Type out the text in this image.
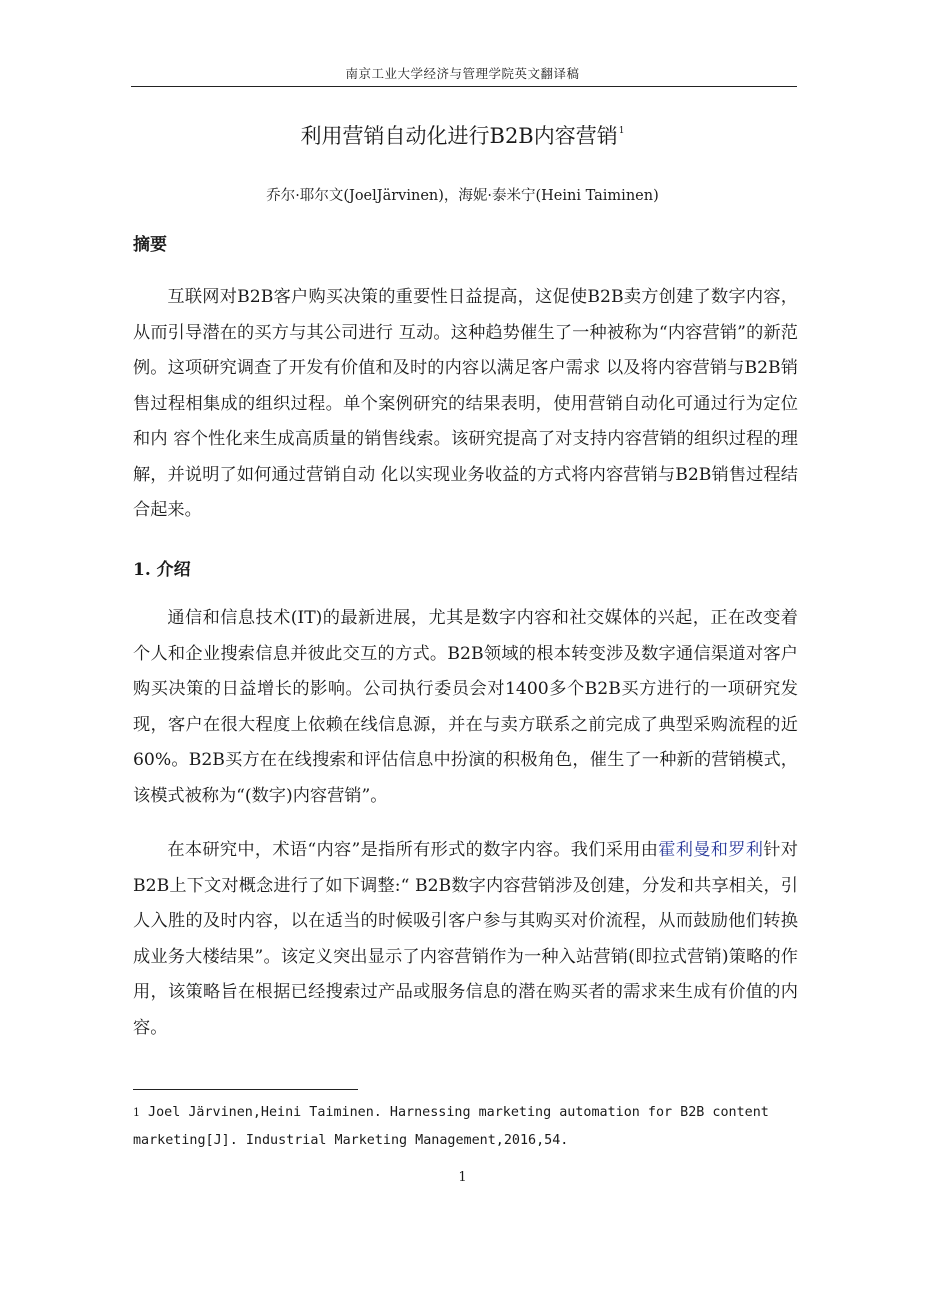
南京工业大学经济与管理学院英文翻译稿
利用营销自动化进行B2B内容营销$^1$
乔尔·耶尔文(JoelJärvinen)，海妮·泰米宁(Heini Taiminen)
摘要

互联网对B2B客户购买决策的重要性日益提高，这促使B2B卖方创建了数字内容，从而引导潜在的买方与其公司进行 互动。这种趋势催生了一种被称为“内容营销”的新范例。这项研究调查了开发有价值和及时的内容以满足客户需求 以及将内容营销与B2B销售过程相集成的组织过程。单个案例研究的结果表明，使用营销自动化可通过行为定位和内 容个性化来生成高质量的销售线索。该研究提高了对支持内容营销的组织过程的理解，并说明了如何通过营销自动 化以实现业务收益的方式将内容营销与B2B销售过程结合起来。

1. 介绍

通信和信息技术(IT)的最新进展，尤其是数字内容和社交媒体的兴起，正在改变着个人和企业搜索信息并彼此交互的方式。B2B领域的根本转变涉及数字通信渠道对客户购买决策的日益增长的影响。公司执行委员会对1400多个B2B买方进行的一项研究发现，客户在很大程度上依赖在线信息源，并在与卖方联系之前完成了典型采购流程的近60%。B2B买方在在线搜索和评估信息中扮演的积极角色，催生了一种新的营销模式，该模式被称为“(数字)内容营销”。

在本研究中，术语“内容”是指所有形式的数字内容。我们采用由霍利曼和罗利针对B2B上下文对概念进行了如下调整:“ B2B数字内容营销涉及创建，分发和共享相关，引人入胜的及时内容，以在适当的时候吸引客户参与其购买对价流程，从而鼓励他们转换成业务大楼结果”。该定义突出显示了内容营销作为一种入站营销(即拉式营销)策略的作用，该策略旨在根据已经搜索过产品或服务信息的潜在购买者的需求来生成有价值的内容。

1 Joel Järvinen,Heini Taiminen. Harnessing marketing automation for B2B content marketing[J]. Industrial Marketing Management,2016,54.

1
